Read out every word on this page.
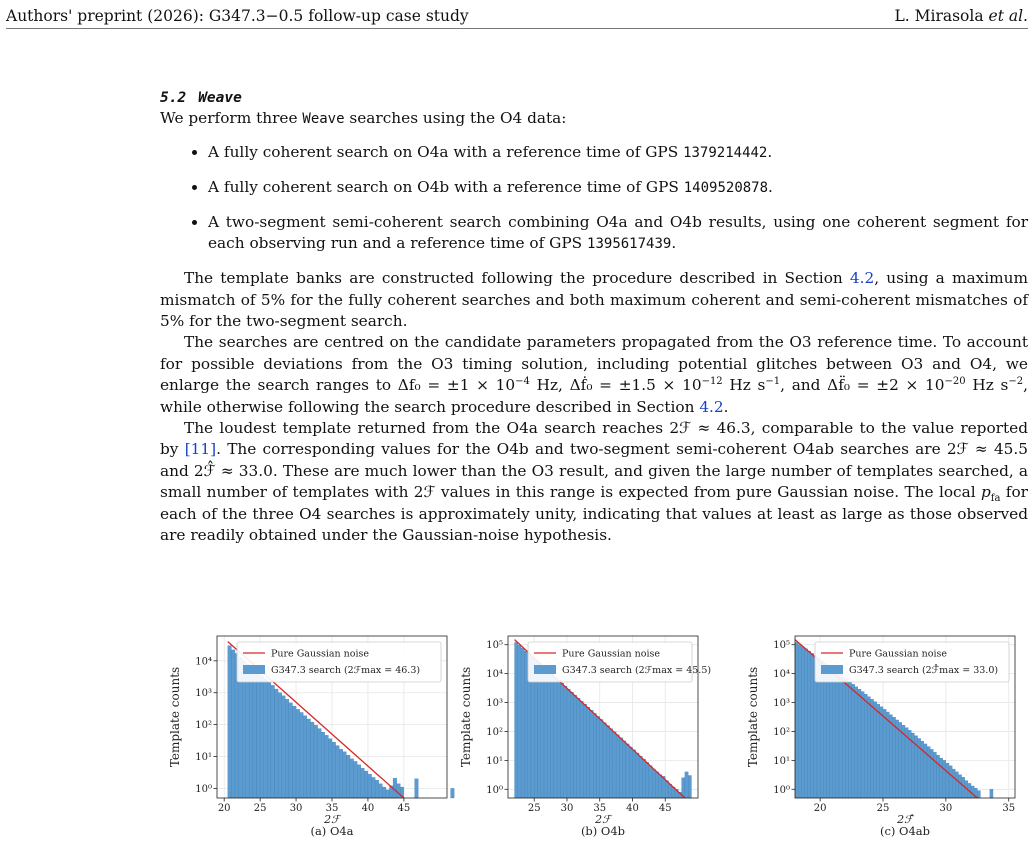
Authors' preprint (2026): G347.3−0.5 follow-up case study	L. Mirasola et al.
5.2 Weave

We perform three Weave searches using the O4 data:

• A fully coherent search on O4a with a reference time of GPS 1379214442.
• A fully coherent search on O4b with a reference time of GPS 1409520878.
• A two-segment semi-coherent search combining O4a and O4b results, using one coherent segment for each observing run and a reference time of GPS 1395617439.

The template banks are constructed following the procedure described in Section 4.2, using a maximum mismatch of 5% for the fully coherent searches and both maximum coherent and semi-coherent mismatches of 5% for the two-segment search.

The searches are centred on the candidate parameters propagated from the O3 reference time. To account for possible deviations from the O3 timing solution, including potential glitches between O3 and O4, we enlarge the search ranges to $\Delta f_0 = \pm 1 \times 10^{-4}$ Hz, Δḟ₀ = $\pm 1.5 \times 10^{-12}$ Hz $s^{-1}$, and Δf̈₀ = $\pm 2 \times 10^{-20}$ Hz $s^{-2}$, while otherwise following the search procedure described in Section 4.2.

The loudest template returned from the O4a search reaches 2ℱ ≈ 46.3, comparable to the value reported by [11]. The corresponding values for the O4b and two-segment semi-coherent O4ab searches are 2ℱ ≈ 45.5 and 2ℱ̂ ≈ 33.0. These are much lower than the O3 result, and given the large number of templates searched, a small number of templates with 2ℱ values in this range is expected from pure Gaussian noise. The local $p_{fa}$ for each of the three O4 searches is approximately unity, indicating that values at least as large as those observed are readily obtained under the Gaussian-noise hypothesis.

20 25 30 35 40 45
10⁰
10¹
10²
10³
10⁴
2ℱ
Template counts
(a) O4a
Pure Gaussian noise
G347.3 search (2ℱmax = 46.3)
25 30 35 40 45
10⁰
10¹
10²
10³
10⁴
10⁵
2ℱ
Template counts
(b) O4b
Pure Gaussian noise
G347.3 search (2ℱmax = 45.5)
20	25	30	35
10⁰
10¹
10²
10³
10⁴
10⁵
2ℱ̂
Template counts
(c) O4ab
Pure Gaussian noise
G347.3 search (2ℱ̂max = 33.0)
